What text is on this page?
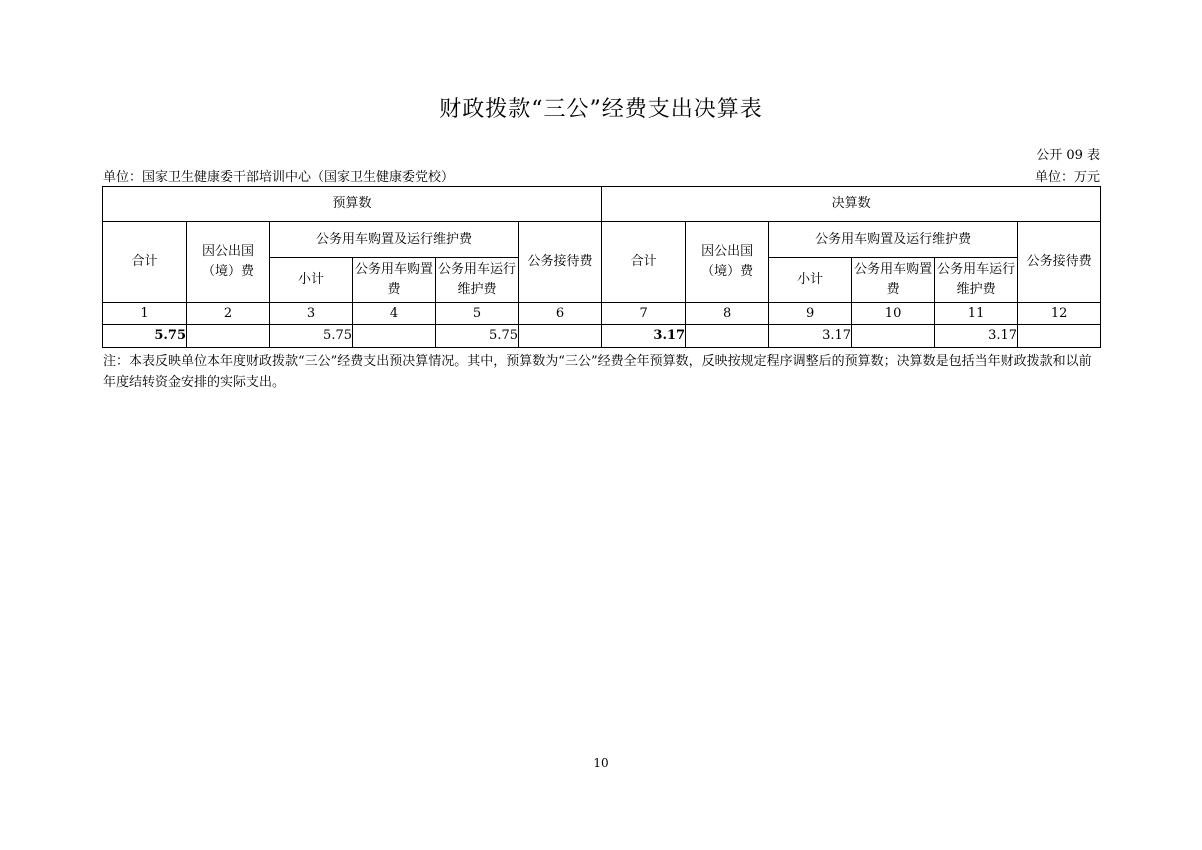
财政拨款“三公”经费支出决算表
公开 09 表
单位：国家卫生健康委干部培训中心（国家卫生健康委党校）	单位：万元
预算数						决算数					
合计	因公出国（境）费	公务用车购置及运行维护费			公务接待费	合计	因公出国（境）费	公务用车购置及运行维护费			公务接待费
		小计	公务用车购置费	公务用车运行维护费				小计	公务用车购置费	公务用车运行维护费	
1	2	3	4	5	6	7	8	9	10	11	12
5.75		5.75		5.75		3.17		3.17		3.17	
注：本表反映单位本年度财政拨款“三公”经费支出预决算情况。其中，预算数为“三公”经费全年预算数，反映按规定程序调整后的预算数；决算数是包括当年财政拨款和以前年度结转资金安排的实际支出。
10
